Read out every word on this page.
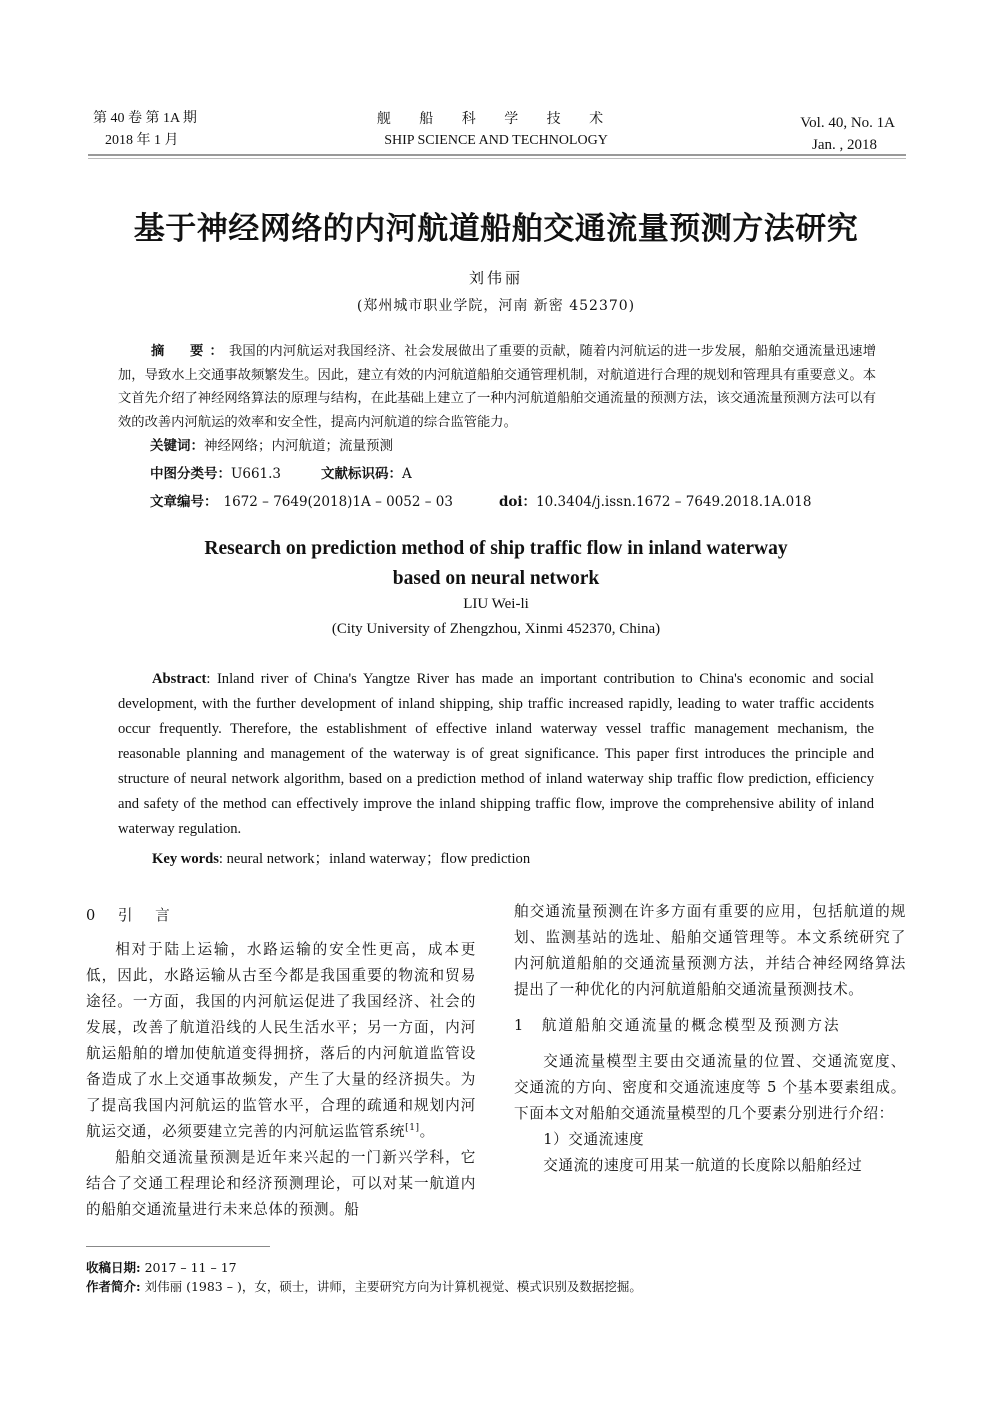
第 40 卷 第 1A 期
2018 年 1 月
舰 船 科 学 技 术
SHIP SCIENCE AND TECHNOLOGY
Vol. 40, No. 1A
Jan. , 2018
基于神经网络的内河航道船舶交通流量预测方法研究
刘伟丽
(郑州城市职业学院，河南 新密 452370)
摘　要：我国的内河航运对我国经济、社会发展做出了重要的贡献，随着内河航运的进一步发展，船舶交通流量迅速增加，导致水上交通事故频繁发生。因此，建立有效的内河航道船舶交通管理机制，对航道进行合理的规划和管理具有重要意义。本文首先介绍了神经网络算法的原理与结构，在此基础上建立了一种内河航道船舶交通流量的预测方法，该交通流量预测方法可以有效的改善内河航运的效率和安全性，提高内河航道的综合监管能力。
关键词：神经网络；内河航道；流量预测
中图分类号：U661.3	文献标识码：A
文章编号： 1672 – 7649(2018)1A – 0052 – 03	doi：10.3404/j.issn.1672 – 7649.2018.1A.018
Research on prediction method of ship traffic flow in inland waterway
based on neural network
LIU Wei-li
(City University of Zhengzhou, Xinmi 452370, China)
Abstract: Inland river of China's Yangtze River has made an important contribution to China's economic and social development, with the further development of inland shipping, ship traffic increased rapidly, leading to water traffic accidents occur frequently. Therefore, the establishment of effective inland waterway vessel traffic management mechanism, the reasonable planning and management of the waterway is of great significance. This paper first introduces the principle and structure of neural network algorithm, based on a prediction method of inland waterway ship traffic flow prediction, efficiency and safety of the method can effectively improve the inland shipping traffic flow, improve the comprehensive ability of inland waterway regulation.
Key words: neural network；inland waterway；flow prediction

0　引　言

相对于陆上运输，水路运输的安全性更高，成本更低，因此，水路运输从古至今都是我国重要的物流和贸易途径。一方面，我国的内河航运促进了我国经济、社会的发展，改善了航道沿线的人民生活水平；另一方面，内河航运船舶的增加使航道变得拥挤，落后的内河航道监管设备造成了水上交通事故频发，产生了大量的经济损失。为了提高我国内河航运的监管水平，合理的疏通和规划内河航运交通，必须要建立完善的内河航运监管系统[1]。

船舶交通流量预测是近年来兴起的一门新兴学科，它结合了交通工程理论和经济预测理论，可以对某一航道内的船舶交通流量进行未来总体的预测。船

舶交通流量预测在许多方面有重要的应用，包括航道的规划、监测基站的选址、船舶交通管理等。本文系统研究了内河航道船舶的交通流量预测方法，并结合神经网络算法提出了一种优化的内河航道船舶交通流量预测技术。

1　航道船舶交通流量的概念模型及预测方法

交通流量模型主要由交通流量的位置、交通流宽度、交通流的方向、密度和交通流速度等 5 个基本要素组成。下面本文对船舶交通流量模型的几个要素分别进行介绍：

1）交通流速度

交通流的速度可用某一航道的长度除以船舶经过

收稿日期: 2017 – 11 – 17
作者简介: 刘伟丽 (1983 – )，女，硕士，讲师，主要研究方向为计算机视觉、模式识别及数据挖掘。
